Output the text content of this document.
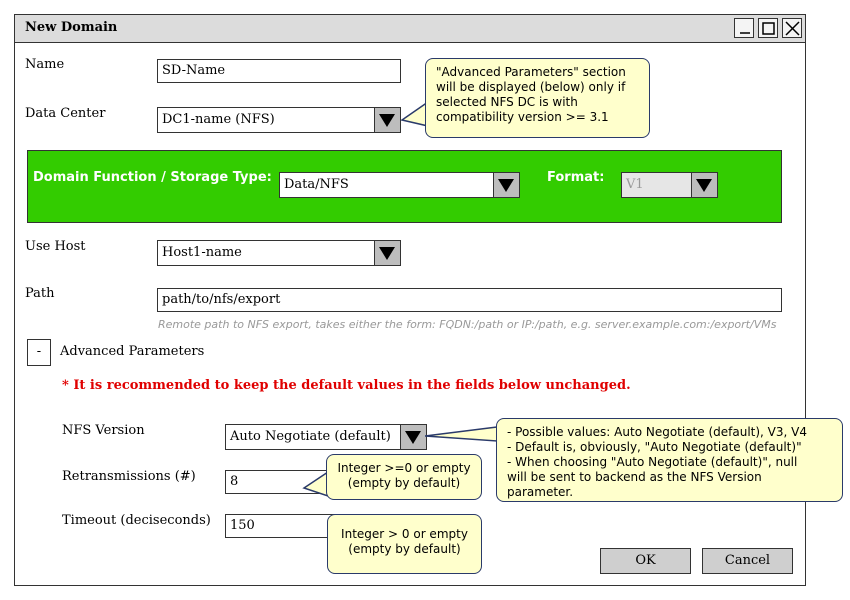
New Domain
Name	SD-Name
Data Center	DC1-name (NFS)
"Advanced Parameters" section
will be displayed (below) only if
selected NFS DC is with
compatibility version >= 3.1
Domain Function / Storage Type: Data/NFS	Format: V1
Use Host	Host1-name
Path	path/to/nfs/export
Remote path to NFS export, takes either the form: FQDN:/path or IP:/path, e.g. server.example.com:/export/VMs
-	Advanced Parameters
* It is recommended to keep the default values in the fields below unchanged.
NFS Version	Auto Negotiate (default)	- Possible values: Auto Negotiate (default), V3, V4
- Default is, obviously, "Auto Negotiate (default)"
- When choosing "Auto Negotiate (default)", null
will be sent to backend as the NFS Version
parameter.
Retransmissions (#)	8
Integer >=0 or empty
(empty by default)
Timeout (deciseconds)	150
Integer > 0 or empty
(empty by default)
OK	Cancel
